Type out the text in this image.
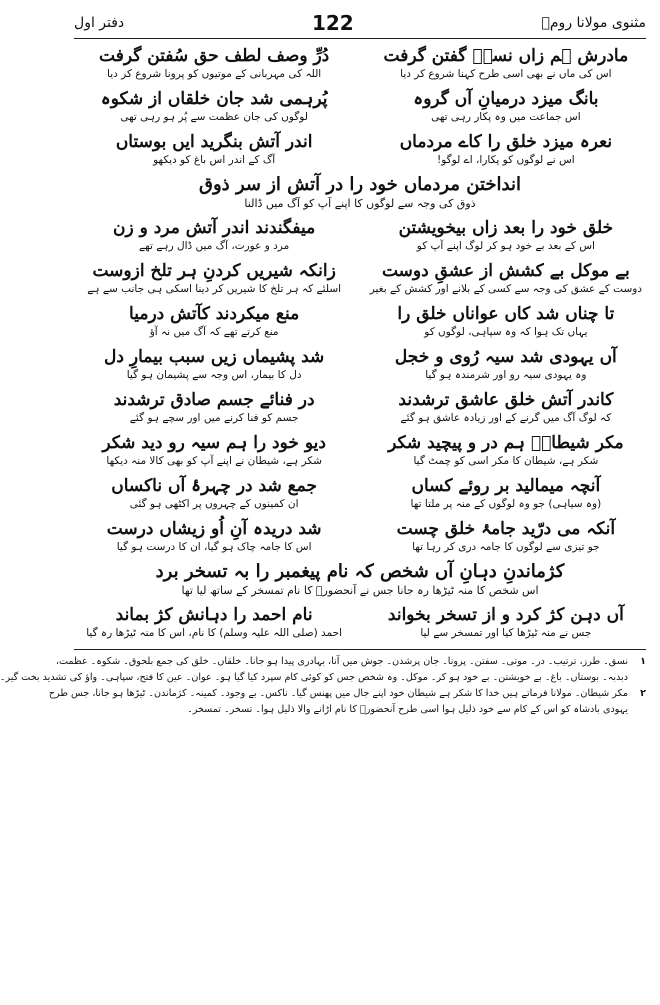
مثنوی مولانا رومؒ
122
دفتر اول
مادرش ہم زاں نسقؔ گفتن گرفت
اس کی ماں نے بھی اسی طرح کہنا شروع کر دیا
دُرِّ وصف لطف حق سُفتن گرفت
اللہ کی مہربانی کے موتیوں کو پرونا شروع کر دیا
بانگ میزد درمیانِ آں گروہ
اس جماعت میں وہ پکار رہی تھی
پُرہمی شد جان خلقاں از شکوہ
لوگوں کی جان عظمت سے پُر ہو رہی تھی
نعرہ میزد خلق را کاے مردماں
اس نے لوگوں کو پکارا، اے لوگو!
اندر آتش بنگرید ایں بوستاں
آگ کے اندر اس باغ کو دیکھو
انداختن مردماں خود را در آتش از سر ذوق
ذوق کی وجہ سے لوگوں کا اپنے آپ کو آگ میں ڈالنا
خلق خود را بعد زاں بیخویشتن
اس کے بعد بے خود ہو کر لوگ اپنے آپ کو
میفگندند اندر آتش مرد و زن
مرد و عورت، آگ میں ڈال رہے تھے
بے موکل بے کشش از عشقِ دوست
دوست کے عشق کی وجہ سے کسی کے بلانے اور کشش کے بغیر
زانکہ شیریں کردنِ ہر تلخ ازوست
اسلئے کہ ہر تلخ کا شیریں کر دینا اسکی ہی جانب سے ہے
تا چناں شد کاں عواناں خلق را
یہاں تک ہوا کہ وہ سپاہی، لوگوں کو
منع میکردند کآتش درمیا
منع کرتے تھے کہ آگ میں نہ آؤ
آں یہودی شد سیہ رُوی و خجل
وہ یہودی سیہ رو اور شرمندہ ہو گیا
شد پشیماں زیں سبب بیمارِ دل
دل کا بیمار، اس وجہ سے پشیمان ہو گیا
کاندر آتش خلق عاشق ترشدند
کہ لوگ آگ میں گرنے کے اور زیادہ عاشق ہو گئے
در فنائے جسم صادق ترشدند
جسم کو فنا کرنے میں اور سچے ہو گئے
مکر شیطاںؔ ہم در و پیچید شکر
شکر ہے، شیطان کا مکر اسی کو چمٹ گیا
دیو خود را ہم سیہ رو دید شکر
شکر ہے، شیطان نے اپنے آپ کو بھی کالا منہ دیکھا
آنچہ میمالید بر روئے کساں
(وہ سیاہی) جو وہ لوگوں کے منہ پر ملتا تھا
جمع شد در چہرۂ آں ناکساں
ان کمینوں کے چہروں پر اکٹھی ہو گئی
آنکہ می درّید جامۂ خلق چست
جو تیزی سے لوگوں کا جامہ دری کر رہا تھا
شد دریدہ آنِ اُو زیشاں درست
اس کا جامہ چاک ہو گیا، ان کا درست ہو گیا
کژماندنِ دہانِ آں شخص کہ نام پیغمبر را بہ تسخر برد
اس شخص کا منہ ٹیڑھا رہ جانا جس نے آنحضورؐ کا نام تمسخر کے ساتھ لیا تھا
آں دہن کژ کرد و از تسخر بخواند
جس نے منہ ٹیڑھا کیا اور تمسخر سے لیا
نام احمد را دہانش کژ بماند
احمد (صلی اللہ علیہ وسلم) کا نام، اس کا منہ ٹیڑھا رہ گیا
۱
نسق۔ طرز، ترتیب۔ در۔ موتی۔ سفتن۔ پرونا۔ جان پرشدن۔ جوش میں آنا، بہادری پیدا ہو جانا۔ خلقاں۔ خلق کی جمع بلحوق۔ شکوہ۔ عظمت،
دبدبہ۔ بوستاں۔ باغ۔ بے خویشتن۔ بے خود ہو کر۔ موکل۔ وہ شخص جس کو کوئی کام سپرد کیا گیا ہو۔ عوان۔ عین کا فتح، سپاہی۔ واؤ کی تشدید بخت گیر۔
۲
مکر شیطان۔ مولانا فرماتے ہیں خدا کا شکر ہے شیطان خود اپنے جال میں پھنس گیا۔ ناکس۔ بے وجود۔ کمینہ۔ کژماندن۔ ٹیڑھا ہو جانا، جس طرح
یہودی بادشاہ کو اس کے کام سے خود ذلیل ہوا اسی طرح آنحضورؐ کا نام اڑانے والا ذلیل ہوا۔ تسخر۔ تمسخر۔
